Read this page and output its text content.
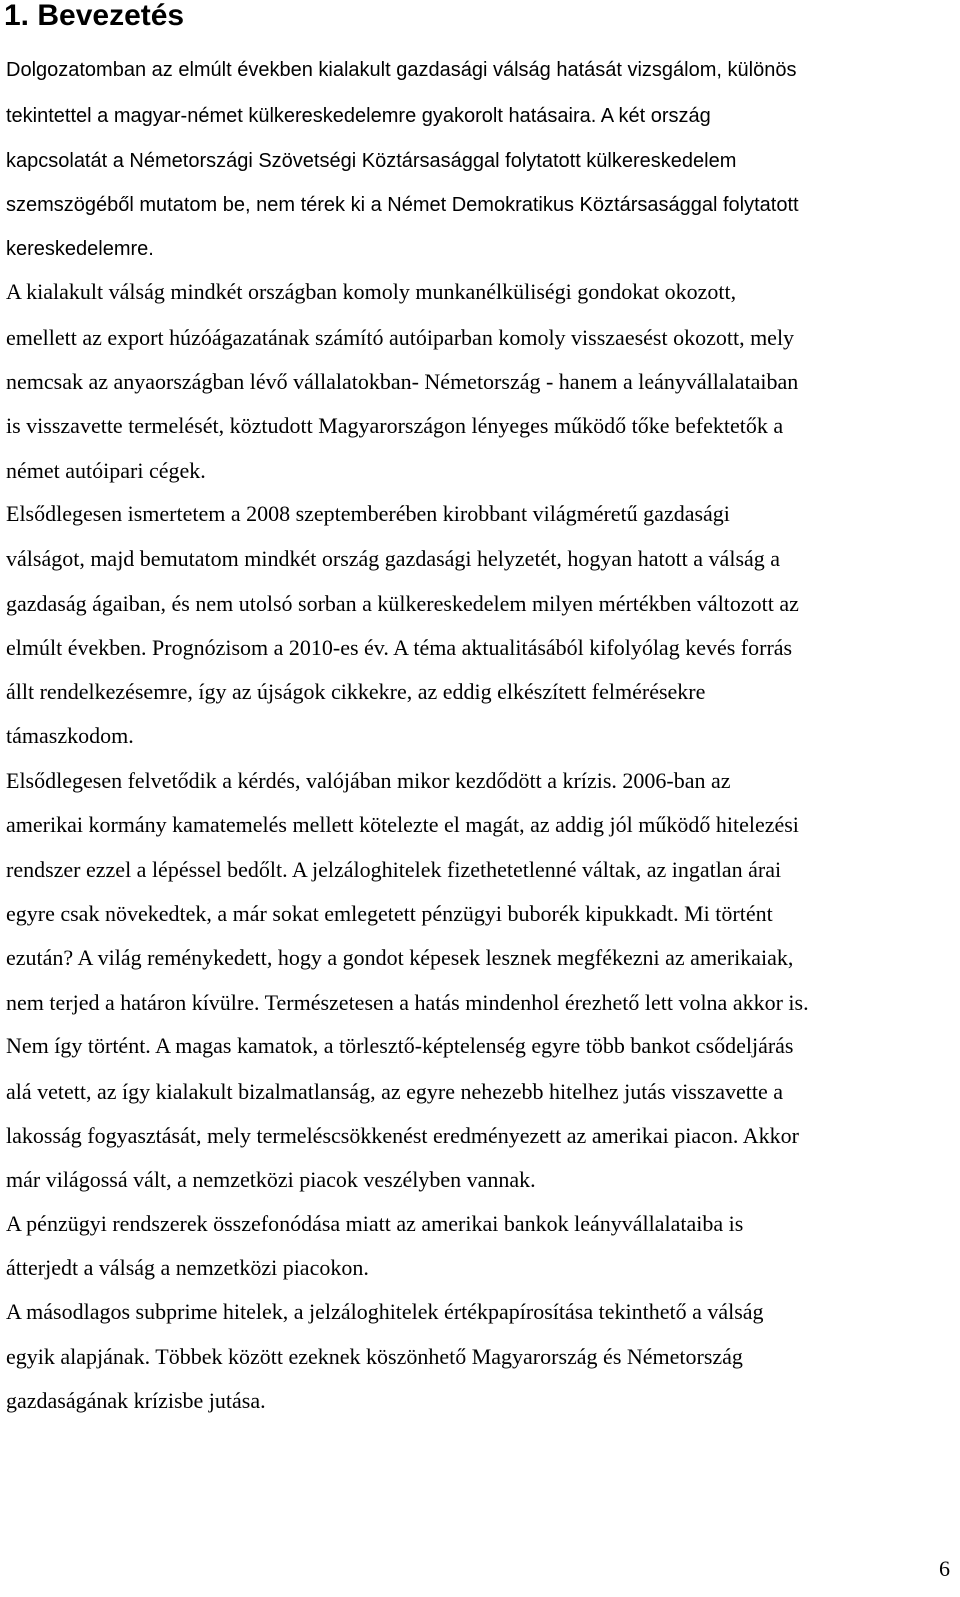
1. Bevezetés

Dolgozatomban az elmúlt években kialakult gazdasági válság hatását vizsgálom, különös

tekintettel a magyar-német külkereskedelemre gyakorolt hatásaira. A két ország

kapcsolatát a Németországi Szövetségi Köztársasággal folytatott külkereskedelem

szemszögéből mutatom be, nem térek ki a Német Demokratikus Köztársasággal folytatott

kereskedelemre.

A kialakult válság mindkét országban komoly munkanélküliségi gondokat okozott,

emellett az export húzóágazatának számító autóiparban komoly visszaesést okozott, mely

nemcsak az anyaországban lévő vállalatokban- Németország - hanem a leányvállalataiban

is visszavette termelését, köztudott Magyarországon lényeges működő tőke befektetők a

német autóipari cégek.

Elsődlegesen ismertetem a 2008 szeptemberében kirobbant világméretű gazdasági

válságot, majd bemutatom mindkét ország gazdasági helyzetét, hogyan hatott a válság a

gazdaság ágaiban, és nem utolsó sorban a külkereskedelem milyen mértékben változott az

elmúlt években. Prognózisom a 2010-es év. A téma aktualitásából kifolyólag kevés forrás

állt rendelkezésemre, így az újságok cikkekre, az eddig elkészített felmérésekre

támaszkodom.

Elsődlegesen felvetődik a kérdés, valójában mikor kezdődött a krízis. 2006-ban az

amerikai kormány kamatemelés mellett kötelezte el magát, az addig jól működő hitelezési

rendszer ezzel a lépéssel bedőlt. A jelzáloghitelek fizethetetlenné váltak, az ingatlan árai

egyre csak növekedtek, a már sokat emlegetett pénzügyi buborék kipukkadt. Mi történt

ezután? A világ reménykedett, hogy a gondot képesek lesznek megfékezni az amerikaiak,

nem terjed a határon kívülre. Természetesen a hatás mindenhol érezhető lett volna akkor is.

Nem így történt. A magas kamatok, a törlesztő-képtelenség egyre több bankot csődeljárás

alá vetett, az így kialakult bizalmatlanság, az egyre nehezebb hitelhez jutás visszavette a

lakosság fogyasztását, mely termeléscsökkenést eredményezett az amerikai piacon. Akkor

már világossá vált, a nemzetközi piacok veszélyben vannak.

A pénzügyi rendszerek összefonódása miatt az amerikai bankok leányvállalataiba is

átterjedt a válság a nemzetközi piacokon.

A másodlagos subprime hitelek, a jelzáloghitelek értékpapírosítása tekinthető a válság

egyik alapjának. Többek között ezeknek köszönhető Magyarország és Németország

gazdaságának krízisbe jutása.

6
